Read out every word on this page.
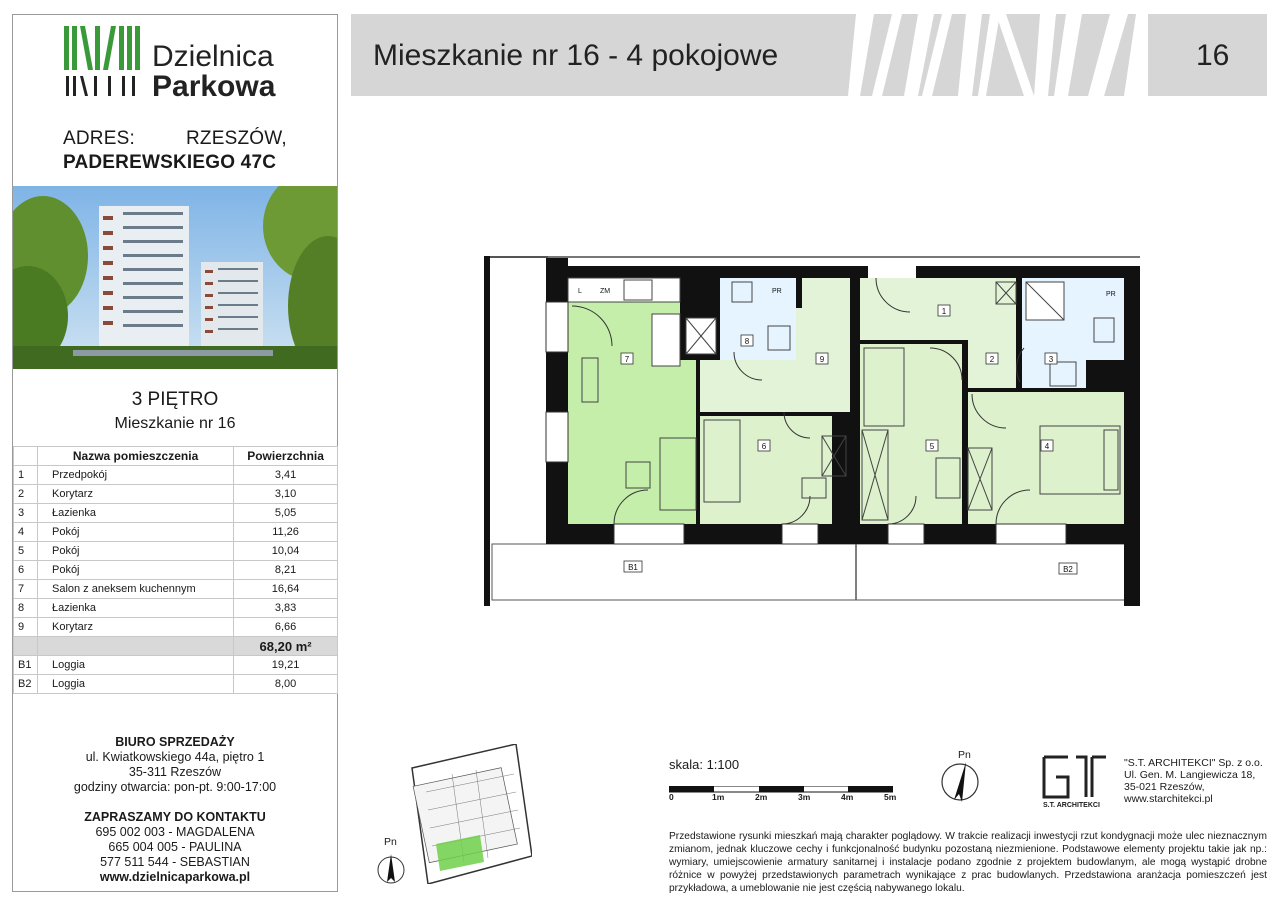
Dzielnica
Parkowa
ADRES:	RZESZÓW,
PADEREWSKIEGO 47C
3 PIĘTRO
Mieszkanie nr 16
	Nazwa pomieszczenia	Powierzchnia
1	Przedpokój	3,41
2	Korytarz	3,10
3	Łazienka	5,05
4	Pokój	11,26
5	Pokój	10,04
6	Pokój	8,21
7	Salon z aneksem kuchennym	16,64
8	Łazienka	3,83
9	Korytarz	6,66
		68,20 m²
B1	Loggia	19,21
B2	Loggia	8,00
BIURO SPRZEDAŻY
ul. Kwiatkowskiego 44a, piętro 1
35-311 Rzeszów
godziny otwarcia: pon-pt. 9:00-17:00
ZAPRASZAMY DO KONTAKTU
695 002 003 - MAGDALENA
665 004 005 - PAULINA
577 511 544 - SEBASTIAN
www.dzielnicaparkowa.pl
Mieszkanie nr 16 - 4 pokojowe	16
7	9
6	5	4
1
2	3
8
B1	B2
L	ZM	PR	PR
Pn
skala: 1:100
0	1m	2m	3m	4m	5m
Pn
S.T. ARCHITEKCI
"S.T. ARCHITEKCI" Sp. z o.o.
Ul. Gen. M. Langiewicza 18,
35-021 Rzeszów,
www.starchitekci.pl
Przedstawione rysunki mieszkań mają charakter poglądowy. W trakcie realizacji inwestycji rzut kondygnacji może ulec nieznacznym zmianom, jednak kluczowe cechy i funkcjonalność budynku pozostaną niezmienione. Podstawowe elementy projektu takie jak np.: wymiary, umiejscowienie armatury sanitarnej i instalacje podano zgodnie z projektem budowlanym, ale mogą wystąpić drobne różnice w powyżej przedstawionych parametrach wynikające z prac budowlanych. Przedstawiona aranżacja pomieszczeń jest przykładowa, a umeblowanie nie jest częścią nabywanego lokalu.
